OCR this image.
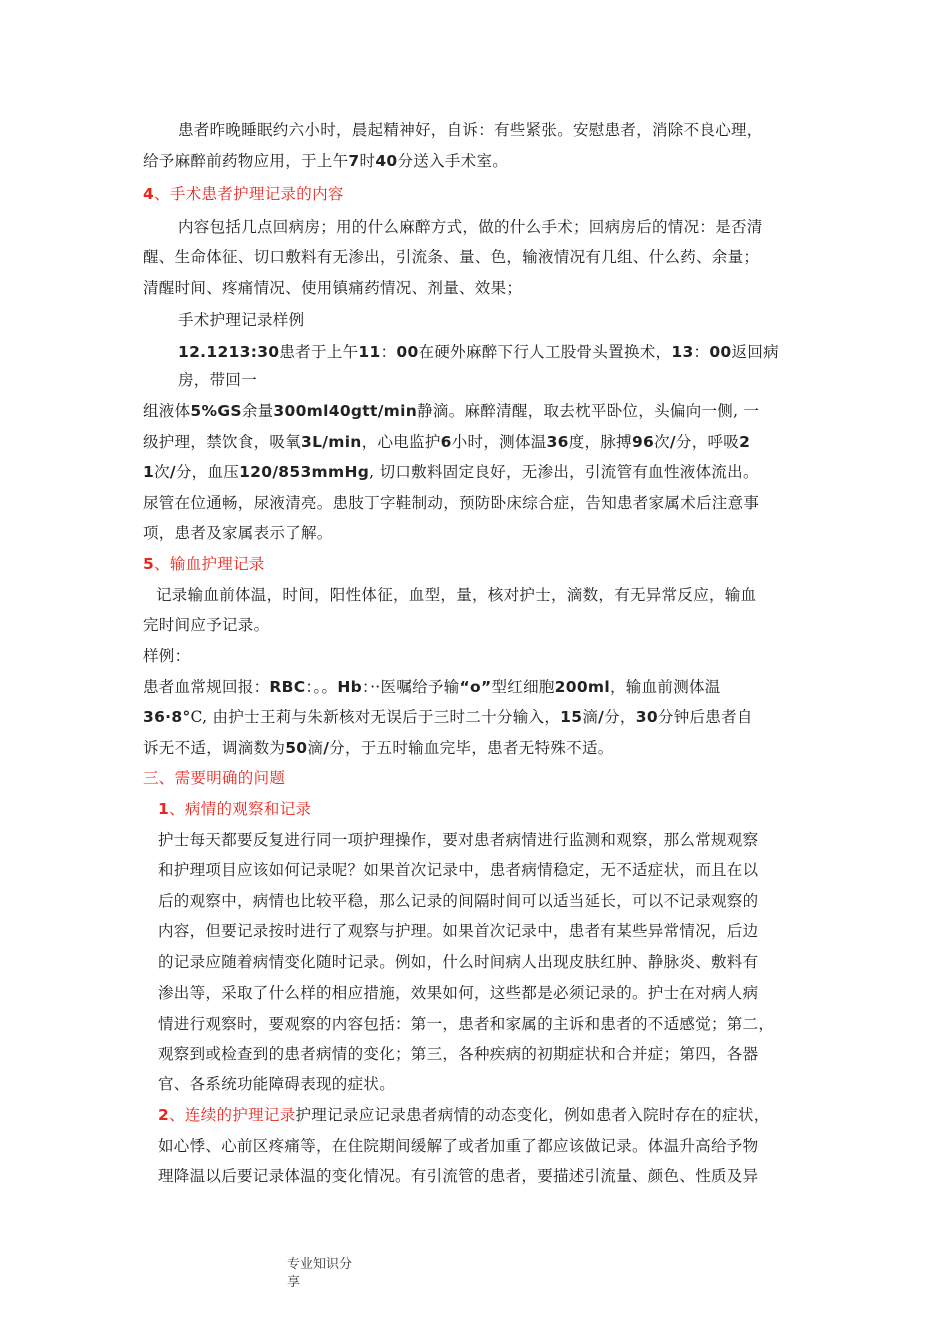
患者昨晚睡眠约六小时，晨起精神好，自诉：有些紧张。安慰患者，消除不良心理，
给予麻醉前药物应用，于上午7时40分送入手术室。
4、手术患者护理记录的内容
内容包括几点回病房；用的什么麻醉方式，做的什么手术；回病房后的情况：是否清
醒、生命体征、切口敷料有无渗出，引流条、量、色，输液情况有几组、什么药、余量；
清醒时间、疼痛情况、使用镇痛药情况、剂量、效果；
手术护理记录样例
12.1213:30患者于上午11：00在硬外麻醉下行人工股骨头置换术，13：00返回病
房，带回一
组液体5%GS余量300ml40gtt/min静滴。麻醉清醒，取去枕平卧位，头偏向一侧, 一
级护理，禁饮食，吸氧3L/min，心电监护6小时，测体温36度，脉搏96次/分，呼吸2
1次/分，血压120/853mmHg, 切口敷料固定良好，无渗出，引流管有血性液体流出。
尿管在位通畅，尿液清亮。患肢丁字鞋制动，预防卧床综合症，告知患者家属术后注意事
项，患者及家属表示了解。
5、输血护理记录
记录输血前体温，时间，阳性体征，血型，量，核对护士，滴数，有无异常反应，输血
完时间应予记录。
样例：
患者血常规回报：RBC：。。Hb：··医嘱给予输“o”型红细胞200ml，输血前测体温
36·8°C, 由护士王莉与朱新核对无误后于三时二十分输入，15滴/分，30分钟后患者自
诉无不适，调滴数为50滴/分，于五时输血完毕，患者无特殊不适。
三、需要明确的问题
1、病情的观察和记录
护士每天都要反复进行同一项护理操作，要对患者病情进行监测和观察，那么常规观察
和护理项目应该如何记录呢？如果首次记录中，患者病情稳定，无不适症状，而且在以
后的观察中，病情也比较平稳，那么记录的间隔时间可以适当延长，可以不记录观察的
内容，但要记录按时进行了观察与护理。如果首次记录中，患者有某些异常情况，后边
的记录应随着病情变化随时记录。例如，什么时间病人出现皮肤红肿、静脉炎、敷料有
渗出等，采取了什么样的相应措施，效果如何，这些都是必须记录的。护士在对病人病
情进行观察时，要观察的内容包括：第一，患者和家属的主诉和患者的不适感觉；第二，
观察到或检查到的患者病情的变化；第三，各种疾病的初期症状和合并症；第四，各器
官、各系统功能障碍表现的症状。
2、连续的护理记录护理记录应记录患者病情的动态变化，例如患者入院时存在的症状，
如心悸、心前区疼痛等，在住院期间缓解了或者加重了都应该做记录。体温升高给予物
理降温以后要记录体温的变化情况。有引流管的患者，要描述引流量、颜色、性质及异
专业知识分
享
